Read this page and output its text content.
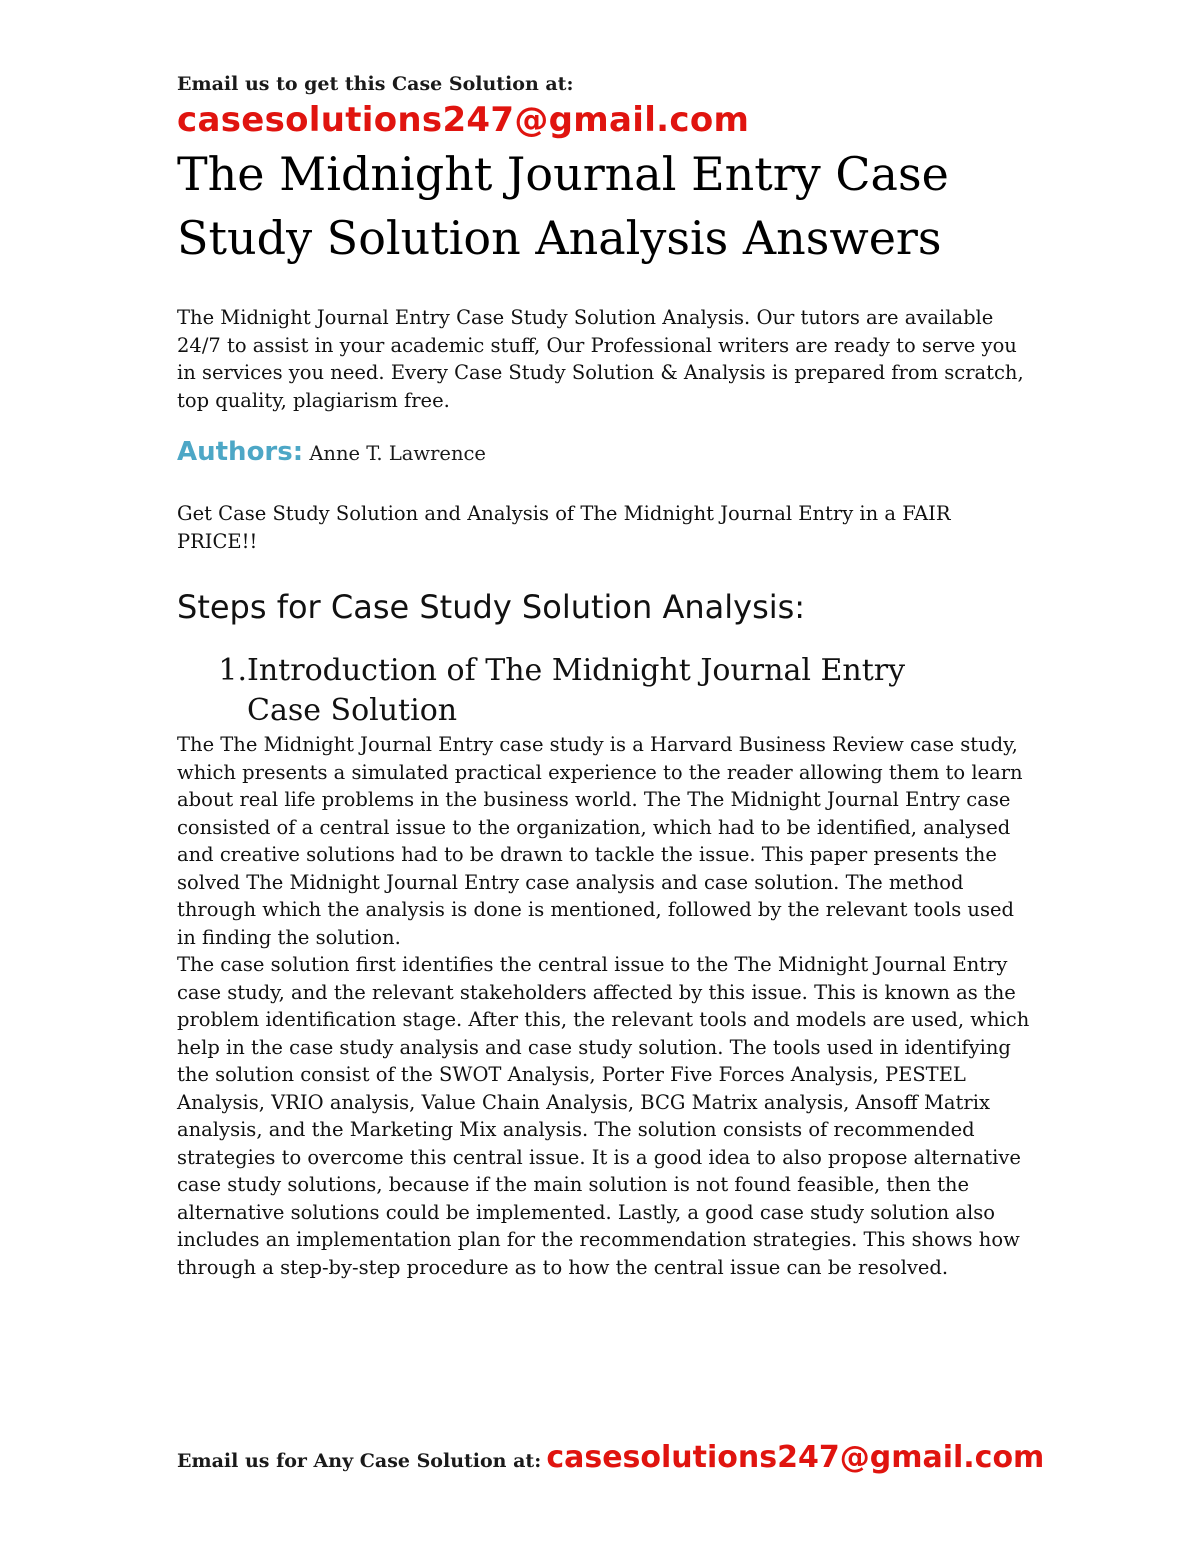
Email us to get this Case Solution at:

casesolutions247@gmail.com

The Midnight Journal Entry Case Study Solution Analysis Answers

The Midnight Journal Entry Case Study Solution Analysis. Our tutors are available 24/7 to assist in your academic stuff, Our Professional writers are ready to serve you in services you need. Every Case Study Solution & Analysis is prepared from scratch, top quality, plagiarism free.

Authors: Anne T. Lawrence

Get Case Study Solution and Analysis of The Midnight Journal Entry in a FAIR PRICE!!

Steps for Case Study Solution Analysis:
1. Introduction of The Midnight Journal Entry Case Solution

The The Midnight Journal Entry case study is a Harvard Business Review case study, which presents a simulated practical experience to the reader allowing them to learn about real life problems in the business world. The The Midnight Journal Entry case consisted of a central issue to the organization, which had to be identified, analysed and creative solutions had to be drawn to tackle the issue. This paper presents the solved The Midnight Journal Entry case analysis and case solution. The method through which the analysis is done is mentioned, followed by the relevant tools used in finding the solution.

The case solution first identifies the central issue to the The Midnight Journal Entry case study, and the relevant stakeholders affected by this issue. This is known as the problem identification stage. After this, the relevant tools and models are used, which help in the case study analysis and case study solution. The tools used in identifying the solution consist of the SWOT Analysis, Porter Five Forces Analysis, PESTEL Analysis, VRIO analysis, Value Chain Analysis, BCG Matrix analysis, Ansoff Matrix analysis, and the Marketing Mix analysis. The solution consists of recommended strategies to overcome this central issue. It is a good idea to also propose alternative case study solutions, because if the main solution is not found feasible, then the alternative solutions could be implemented. Lastly, a good case study solution also includes an implementation plan for the recommendation strategies. This shows how through a step-by-step procedure as to how the central issue can be resolved.

Email us for Any Case Solution at: casesolutions247@gmail.com
